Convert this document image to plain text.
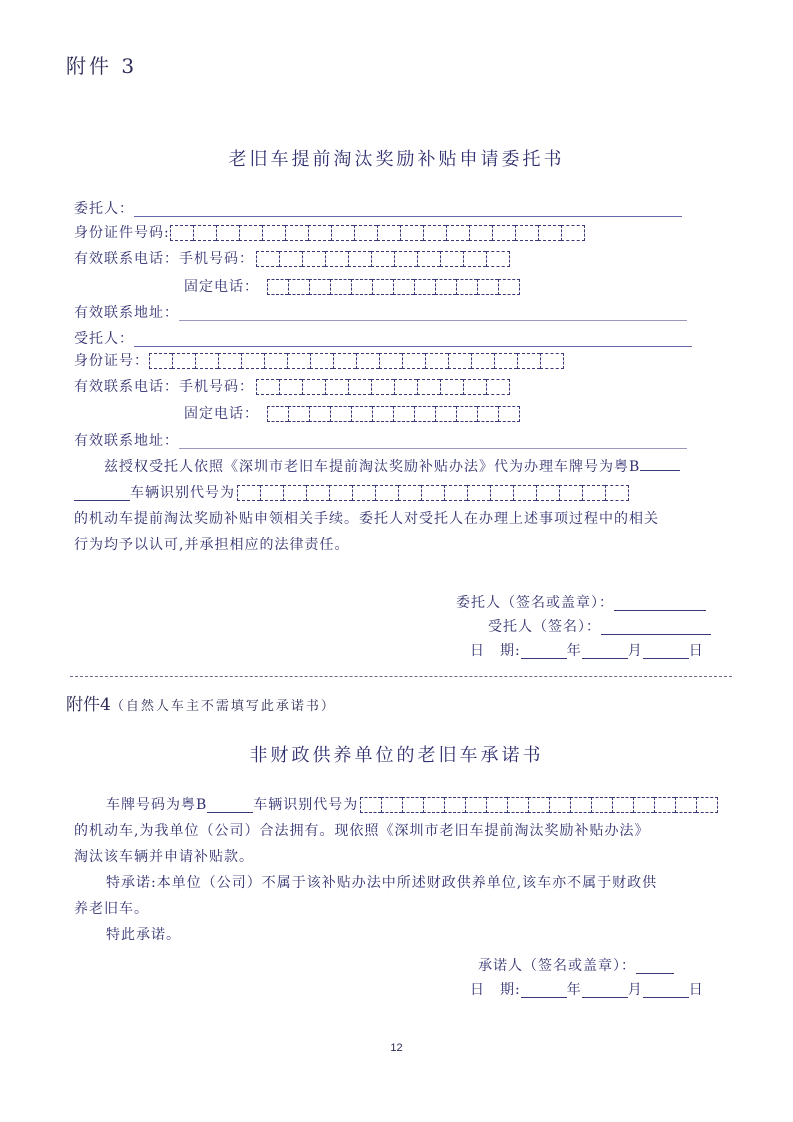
附件 3
老旧车提前淘汰奖励补贴申请委托书
委托人：
身份证件号码:
有效联系电话：手机号码：
固定电话：
有效联系地址：
受托人：
身份证号：
有效联系电话：手机号码：
固定电话：
有效联系地址：
兹授权受托人依照《深圳市老旧车提前淘汰奖励补贴办法》代为办理车牌号为粤B
车辆识别代号为
的机动车提前淘汰奖励补贴申领相关手续。委托人对受托人在办理上述事项过程中的相关
行为均予以认可,并承担相应的法律责任。
委托人（签名或盖章）：
受托人（签名）：
日　期:	年	月	日
附件4（自然人车主不需填写此承诺书）
非财政供养单位的老旧车承诺书
车牌号码为粤B	车辆识别代号为
的机动车,为我单位（公司）合法拥有。现依照《深圳市老旧车提前淘汰奖励补贴办法》
淘汰该车辆并申请补贴款。
特承诺:本单位（公司）不属于该补贴办法中所述财政供养单位,该车亦不属于财政供
养老旧车。
特此承诺。
承诺人（签名或盖章）：
日　期:	年	月	日
12
